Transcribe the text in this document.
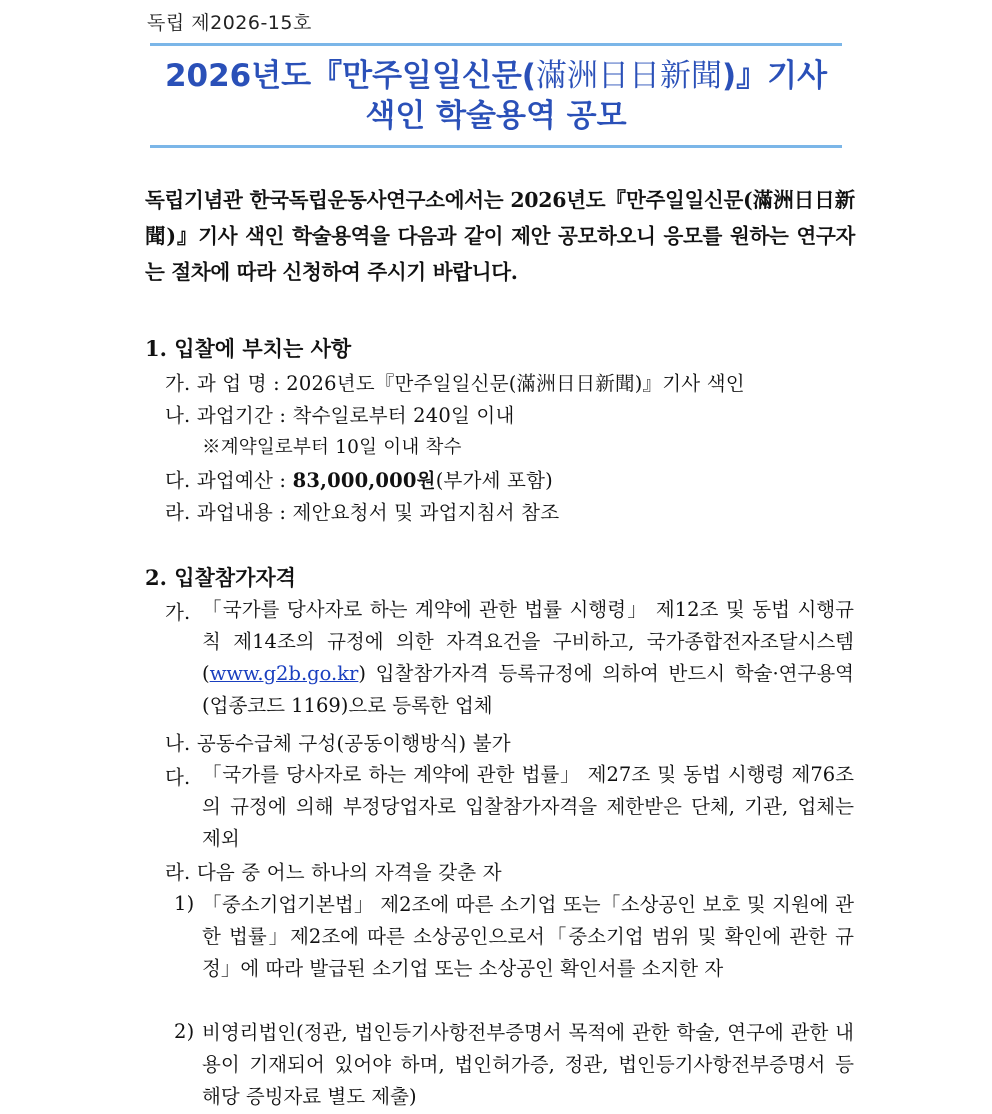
독립 제2026-15호
2026년도『만주일일신문(滿洲日日新聞)』기사
색인 학술용역 공모
독립기념관 한국독립운동사연구소에서는 2026년도『만주일일신문(滿洲日日新聞)』기사 색인 학술용역을 다음과 같이 제안 공모하오니 응모를 원하는 연구자는 절차에 따라 신청하여 주시기 바랍니다.
1. 입찰에 부치는 사항
가. 과 업 명 : 2026년도『만주일일신문(滿洲日日新聞)』기사 색인
나. 과업기간 : 착수일로부터 240일 이내
※계약일로부터 10일 이내 착수
다. 과업예산 : 83,000,000원(부가세 포함)
라. 과업내용 : 제안요청서 및 과업지침서 참조
2. 입찰참가자격
가. 「국가를 당사자로 하는 계약에 관한 법률 시행령」 제12조 및 동법 시행규칙 제14조의 규정에 의한 자격요건을 구비하고, 국가종합전자조달시스템(www.g2b.go.kr) 입찰참가자격 등록규정에 의하여 반드시 학술·연구용역(업종코드 1169)으로 등록한 업체
나. 공동수급체 구성(공동이행방식) 불가
다. 「국가를 당사자로 하는 계약에 관한 법률」 제27조 및 동법 시행령 제76조의 규정에 의해 부정당업자로 입찰참가자격을 제한받은 단체, 기관, 업체는 제외
라. 다음 중 어느 하나의 자격을 갖춘 자
1) 「중소기업기본법」 제2조에 따른 소기업 또는「소상공인 보호 및 지원에 관한 법률」제2조에 따른 소상공인으로서「중소기업 범위 및 확인에 관한 규정」에 따라 발급된 소기업 또는 소상공인 확인서를 소지한 자
2) 비영리법인(정관, 법인등기사항전부증명서 목적에 관한 학술, 연구에 관한 내용이 기재되어 있어야 하며, 법인허가증, 정관, 법인등기사항전부증명서 등 해당 증빙자료 별도 제출)
